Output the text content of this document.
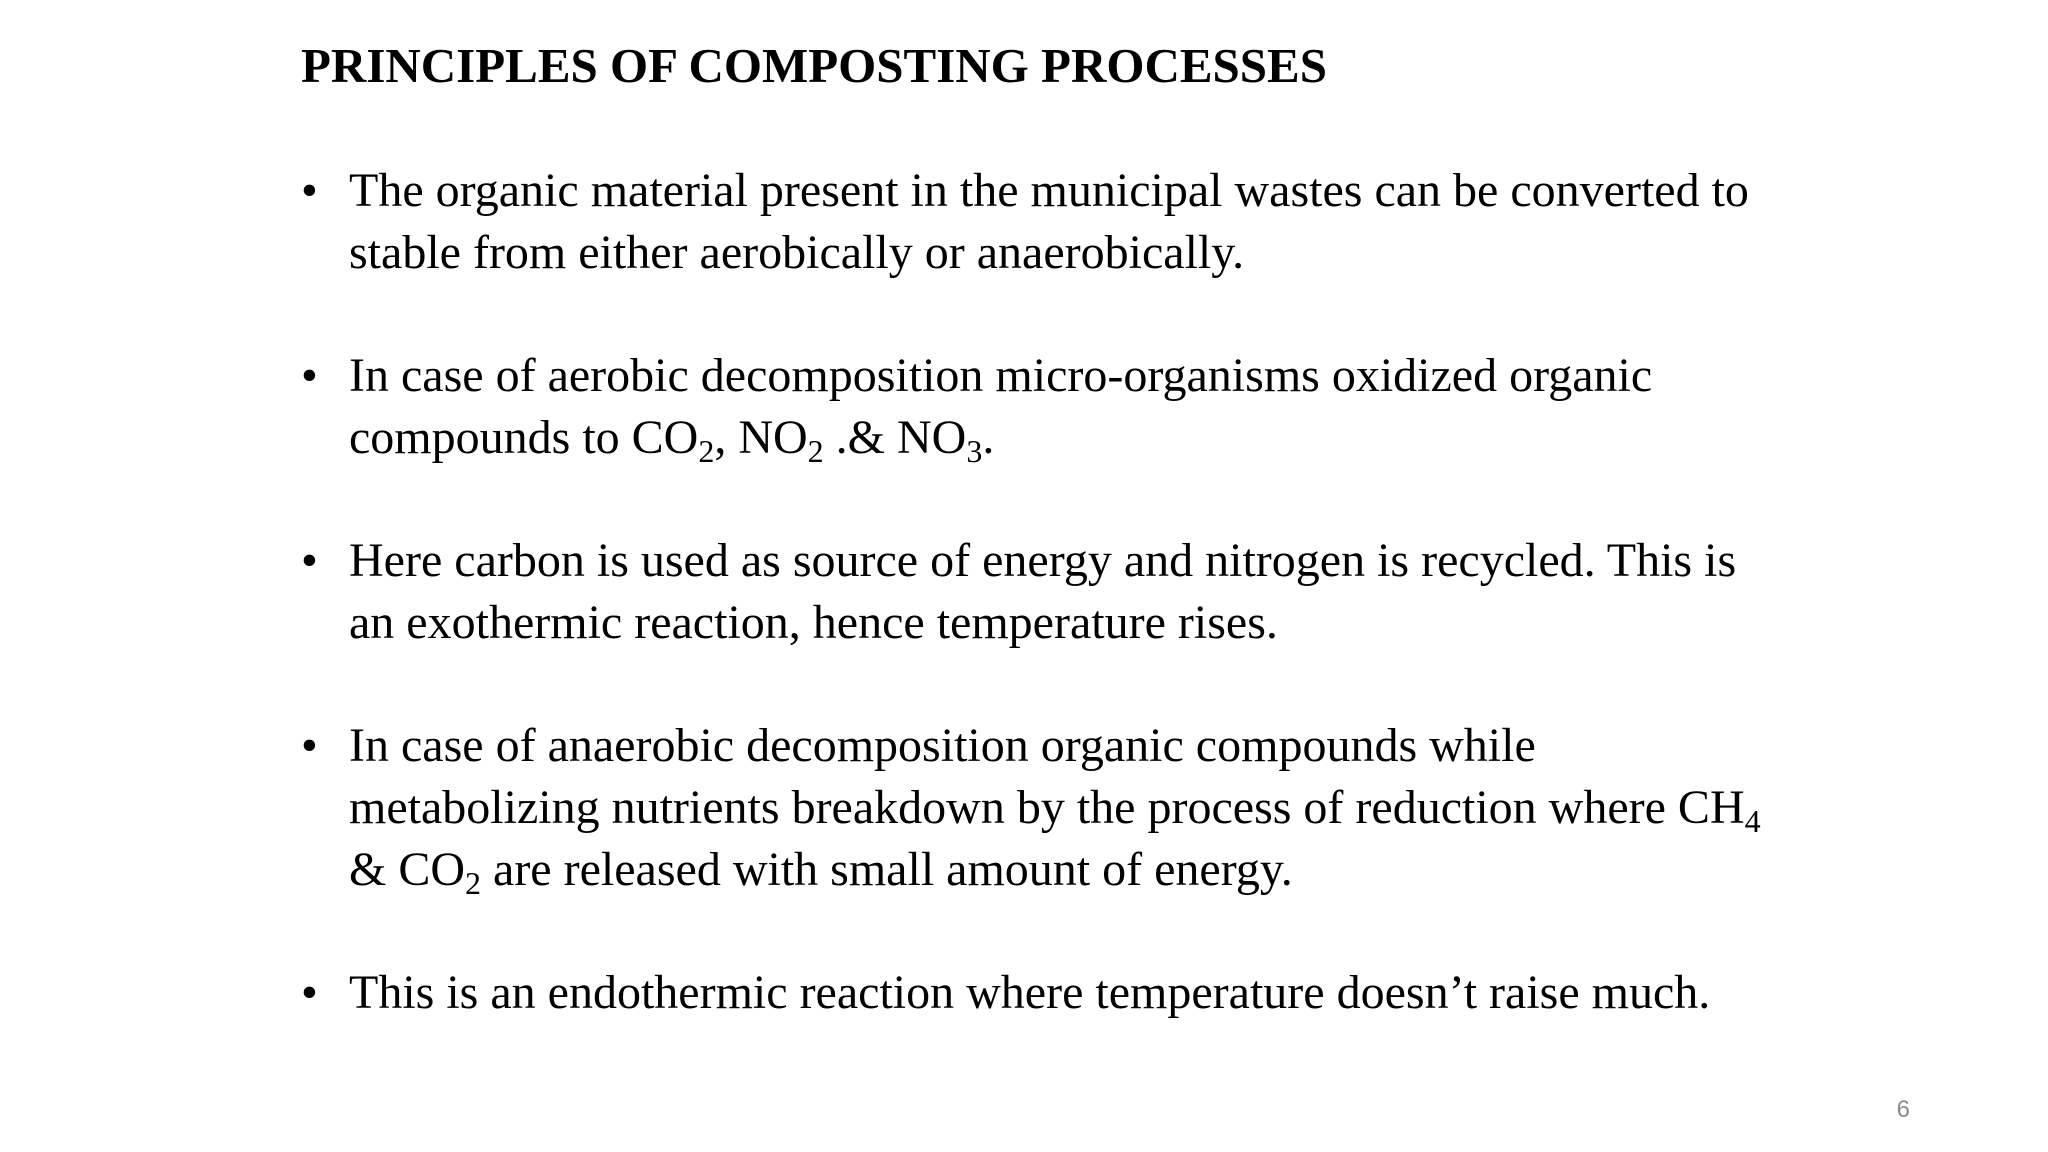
PRINCIPLES OF COMPOSTING PROCESSES
• The organic material present in the municipal wastes can be converted to stable from either aerobically or anaerobically.
• In case of aerobic decomposition micro-organisms oxidized organic compounds to $CO_2$, $NO_2$ .& $NO_3$.
• Here carbon is used as source of energy and nitrogen is recycled. This is an exothermic reaction, hence temperature rises.
• In case of anaerobic decomposition organic compounds while metabolizing nutrients breakdown by the process of reduction where $CH_4$ & $CO_2$ are released with small amount of energy.
• This is an endothermic reaction where temperature doesn’t raise much.
6
